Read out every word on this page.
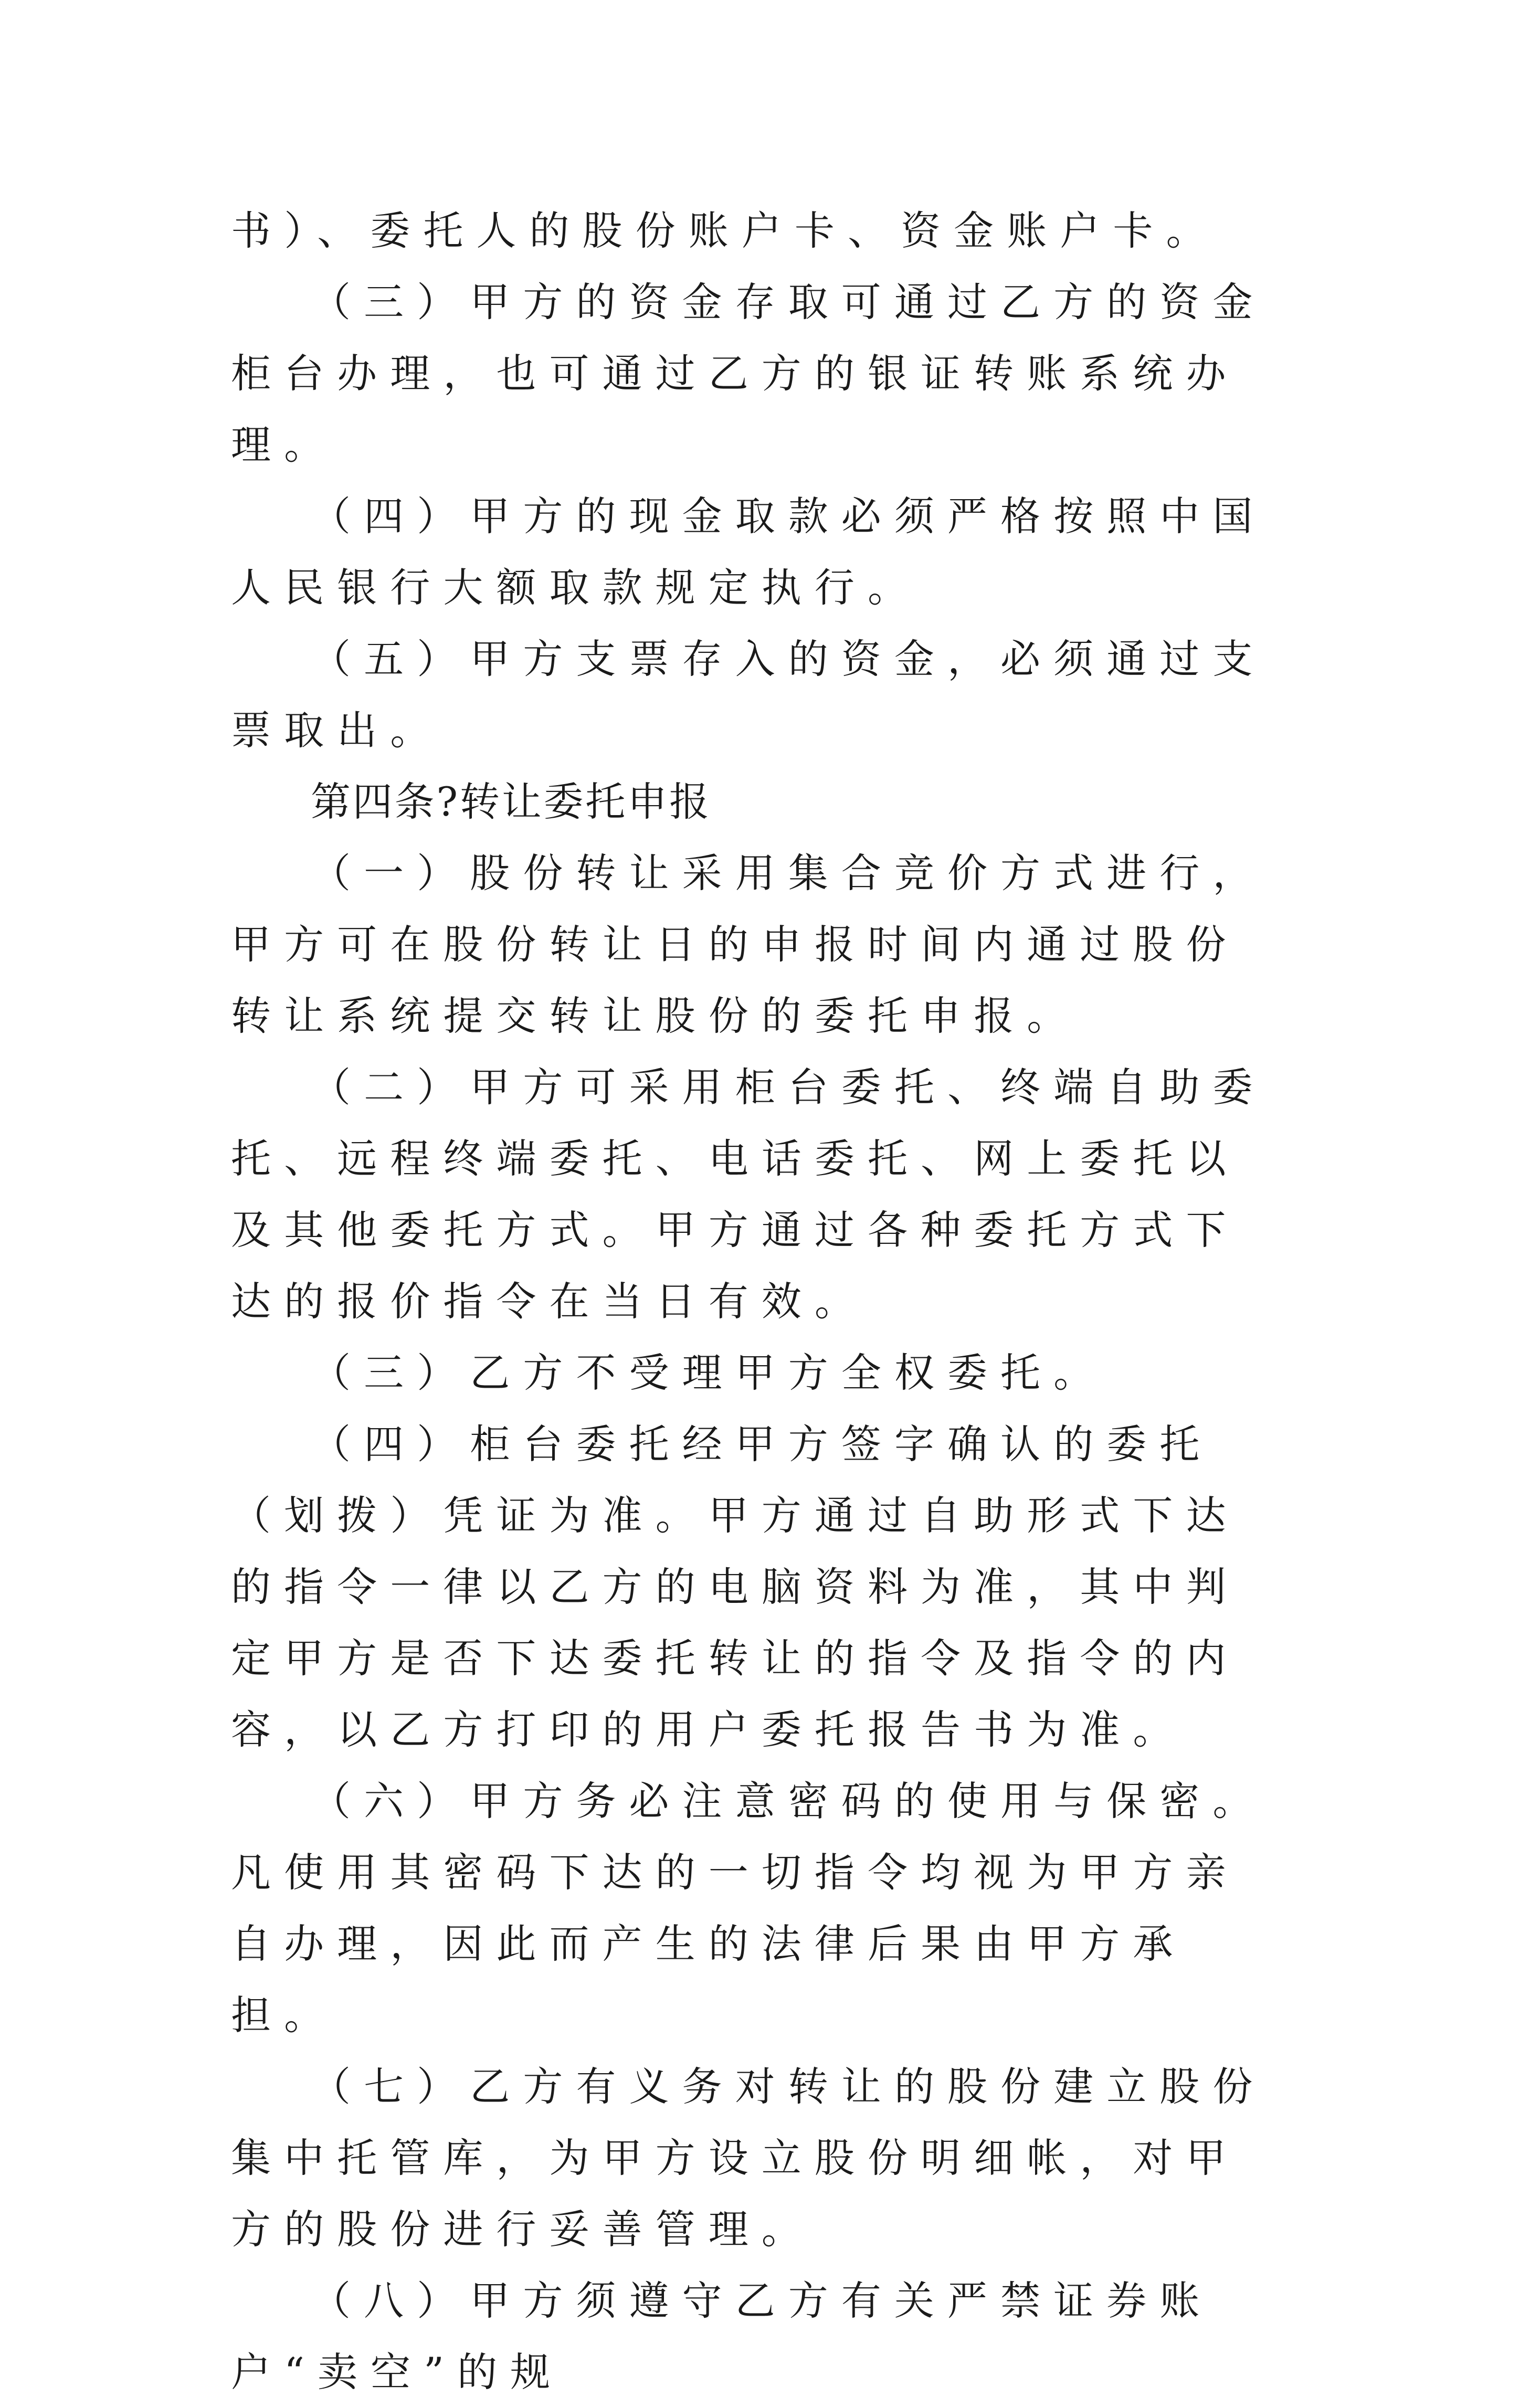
书）、委托人的股份账户卡、资金账户卡。

（三）甲方的资金存取可通过乙方的资金柜台办理，也可通过乙方的银证转账系统办理。

（四）甲方的现金取款必须严格按照中国人民银行大额取款规定执行。

（五）甲方支票存入的资金，必须通过支票取出。

第四条?转让委托申报

（一）股份转让采用集合竞价方式进行，甲方可在股份转让日的申报时间内通过股份转让系统提交转让股份的委托申报。

（二）甲方可采用柜台委托、终端自助委托、远程终端委托、电话委托、网上委托以及其他委托方式。甲方通过各种委托方式下达的报价指令在当日有效。

（三）乙方不受理甲方全权委托。

（四）柜台委托经甲方签字确认的委托（划拨）凭证为准。甲方通过自助形式下达的指令一律以乙方的电脑资料为准，其中判定甲方是否下达委托转让的指令及指令的内容，以乙方打印的用户委托报告书为准。

（六）甲方务必注意密码的使用与保密。凡使用其密码下达的一切指令均视为甲方亲自办理，因此而产生的法律后果由甲方承担。

（七）乙方有义务对转让的股份建立股份集中托管库，为甲方设立股份明细帐，对甲方的股份进行妥善管理。

（八）甲方须遵守乙方有关严禁证券账户“卖空”的规
